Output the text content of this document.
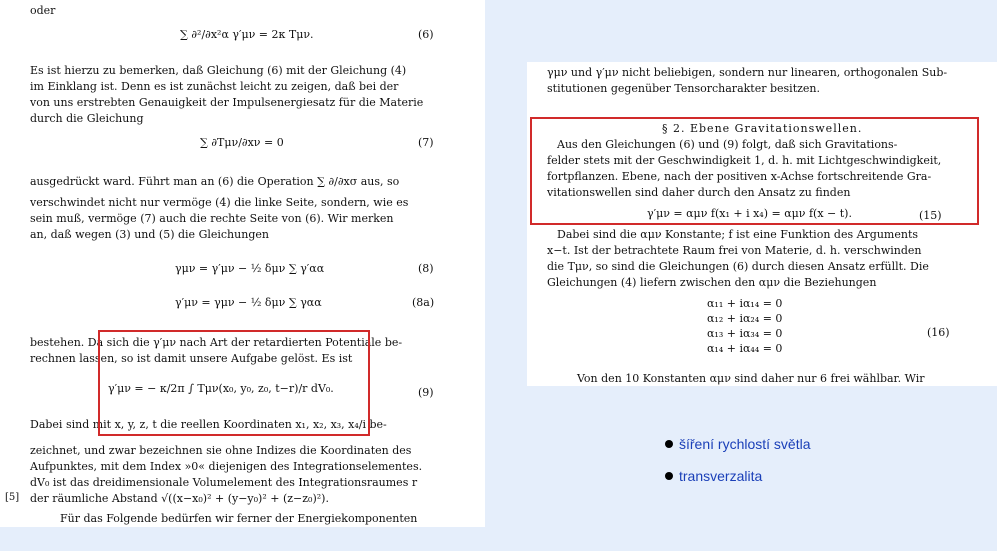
oder
∑ ∂²/∂x²α γ′μν = 2κ Tμν.	(6)
Es ist hierzu zu bemerken, daß Gleichung (6) mit der Gleichung (4)
im Einklang ist. Denn es ist zunächst leicht zu zeigen, daß bei der
von uns erstrebten Genauigkeit der Impulsenergiesatz für die Materie
durch die Gleichung
∑ ∂Tμν/∂xν = 0	(7)
ausgedrückt ward. Führt man an (6) die Operation ∑ ∂/∂xσ aus, so
verschwindet nicht nur vermöge (4) die linke Seite, sondern, wie es
sein muß, vermöge (7) auch die rechte Seite von (6). Wir merken
an, daß wegen (3) und (5) die Gleichungen
γμν = γ′μν − ½ δμν ∑ γ′αα	(8)
γ′μν = γμν − ½ δμν ∑ γαα	(8a)
bestehen. Da sich die γ′μν nach Art der retardierten Potentiale be-
rechnen lassen, so ist damit unsere Aufgabe gelöst. Es ist
γ′μν = − κ/2π ∫ Tμν(x₀, y₀, z₀, t−r)/r dV₀.	(9)
Dabei sind mit x, y, z, t die reellen Koordinaten x₁, x₂, x₃, x₄/i be-
zeichnet, und zwar bezeichnen sie ohne Indizes die Koordinaten des
Aufpunktes, mit dem Index »0« diejenigen des Integrationselementes.
dV₀ ist das dreidimensionale Volumelement des Integrationsraumes r
der räumliche Abstand √((x−x₀)² + (y−y₀)² + (z−z₀)²).
Für das Folgende bedürfen wir ferner der Energiekomponenten
[5]
γμν und γ′μν nicht beliebigen, sondern nur linearen, orthogonalen Sub-
stitutionen gegenüber Tensorcharakter besitzen.
§ 2. Ebene Gravitationswellen.
Aus den Gleichungen (6) und (9) folgt, daß sich Gravitations-
felder stets mit der Geschwindigkeit 1, d. h. mit Lichtgeschwindigkeit,
fortpflanzen. Ebene, nach der positiven x-Achse fortschreitende Gra-
vitationswellen sind daher durch den Ansatz zu finden
γ′μν = αμν f(x₁ + i x₄) = αμν f(x − t).	(15)
Dabei sind die αμν Konstante; f ist eine Funktion des Arguments
x−t. Ist der betrachtete Raum frei von Materie, d. h. verschwinden
die Tμν, so sind die Gleichungen (6) durch diesen Ansatz erfüllt. Die
Gleichungen (4) liefern zwischen den αμν die Beziehungen
α₁₁ + iα₁₄ = 0
α₁₂ + iα₂₄ = 0
α₁₃ + iα₃₄ = 0
α₁₄ + iα₄₄ = 0
(16)
Von den 10 Konstanten αμν sind daher nur 6 frei wählbar. Wir
šíření rychlostí světla
transverzalita
